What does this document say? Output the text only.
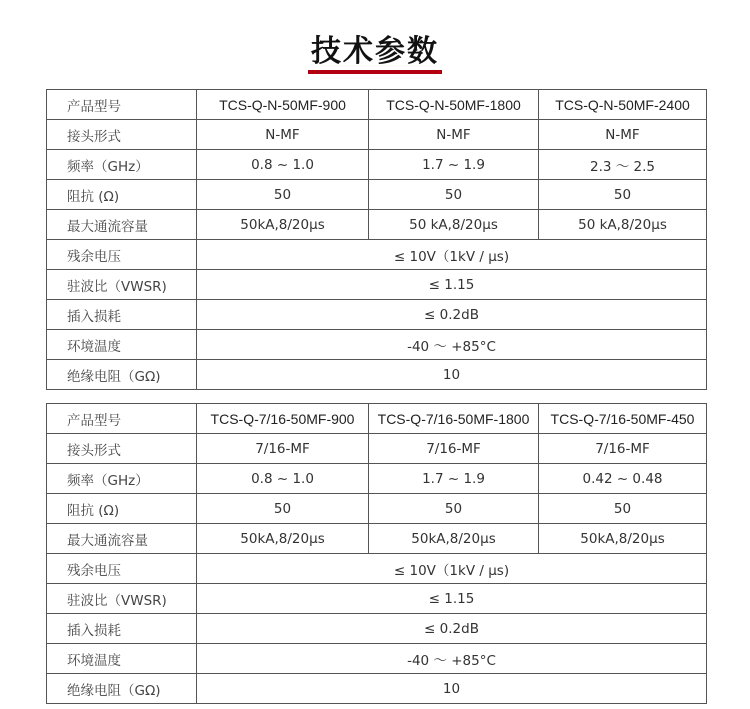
技术参数
产品型号	TCS-Q-N-50MF-900	TCS-Q-N-50MF-1800	TCS-Q-N-50MF-2400
接头形式	N-MF	N-MF	N-MF
频率（GHz）	0.8 ~ 1.0	1.7 ~ 1.9	2.3 ～ 2.5
阻抗 (Ω)	50	50	50
最大通流容量	50kA,8/20μs	50 kA,8/20μs	50 kA,8/20μs
残余电压	≤ 10V（1kV / μs)		
驻波比（VWSR)	≤ 1.15		
插入损耗	≤ 0.2dB		
环境温度	-40 ～ +85°C		
绝缘电阻（GΩ)	10		
产品型号	TCS-Q-7/16-50MF-900	TCS-Q-7/16-50MF-1800	TCS-Q-7/16-50MF-450
接头形式	7/16-MF	7/16-MF	7/16-MF
频率（GHz）	0.8 ~ 1.0	1.7 ~ 1.9	0.42 ~ 0.48
阻抗 (Ω)	50	50	50
最大通流容量	50kA,8/20μs	50kA,8/20μs	50kA,8/20μs
残余电压	≤ 10V（1kV / μs)		
驻波比（VWSR)	≤ 1.15		
插入损耗	≤ 0.2dB		
环境温度	-40 ～ +85°C		
绝缘电阻（GΩ)	10		
